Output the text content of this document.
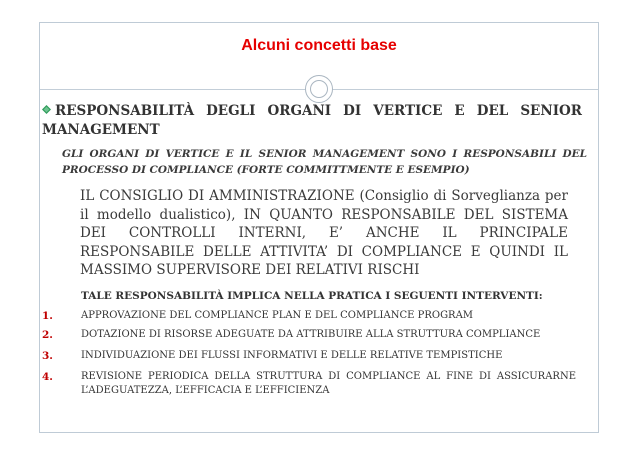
Alcuni concetti base
RESPONSABILITÀ DEGLI ORGANI DI VERTICE E DEL SENIOR MANAGEMENT
GLI ORGANI DI VERTICE E IL SENIOR MANAGEMENT SONO I RESPONSABILI DEL PROCESSO DI COMPLIANCE (FORTE COMMITTMENTE E ESEMPIO)
IL CONSIGLIO DI AMMINISTRAZIONE (Consiglio di Sorveglianza per il modello dualistico), IN QUANTO RESPONSABILE DEL SISTEMA DEI CONTROLLI INTERNI, E’ ANCHE IL PRINCIPALE RESPONSABILE DELLE ATTIVITA’ DI COMPLIANCE E QUINDI IL MASSIMO SUPERVISORE DEI RELATIVI RISCHI
TALE RESPONSABILITÀ IMPLICA NELLA PRATICA I SEGUENTI INTERVENTI:
1.	APPROVAZIONE DEL COMPLIANCE PLAN E DEL COMPLIANCE PROGRAM
2.	DOTAZIONE DI RISORSE ADEGUATE DA ATTRIBUIRE ALLA STRUTTURA COMPLIANCE
3.	INDIVIDUAZIONE DEI FLUSSI INFORMATIVI E DELLE RELATIVE TEMPISTICHE
4.	REVISIONE PERIODICA DELLA STRUTTURA DI COMPLIANCE AL FINE DI ASSICURARNE L’ADEGUATEZZA, L’EFFICACIA E L’EFFICIENZA
